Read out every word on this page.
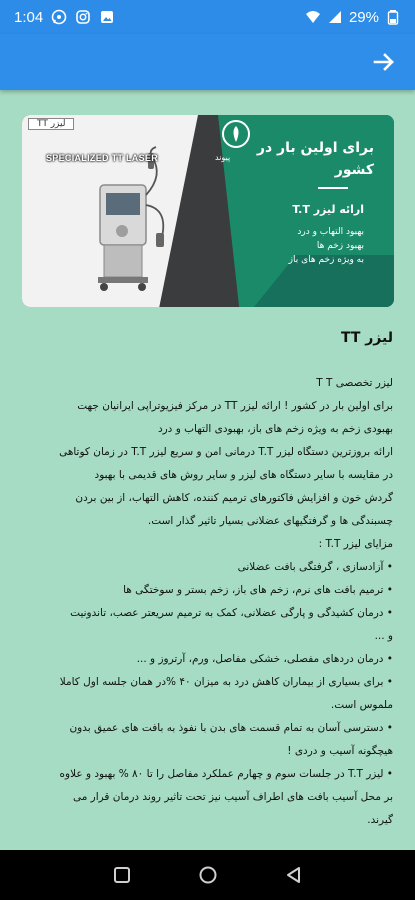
1:04	29%
لیزر TT
SPECIALIZED TT LASER	پیوند
برای اولین بار در کشور
ارائه لیزر T.T
بهبود التهاب و درد
بهبود زخم ها
به ویژه زخم های باز
لیزر TT
لیزر تخصصی T T
برای اولین بار در کشور ! ارائه لیزر TT در مرکز فیزیوتراپی ایرانیان جهت
بهبودی زخم به ویژه زخم های باز، بهبودی التهاب و درد
ارائه بروزترین دستگاه لیزر T.T درمانی امن و سریع لیزر T.T در زمان کوتاهی
در مقایسه با سایر دستگاه های لیزر و سایر روش های قدیمی با بهبود
گردش خون و افزایش فاکتورهای ترمیم کننده، کاهش التهاب، از بین بردن
چسبندگی ها و گرفتگیهای عضلانی بسیار تاثیر گذار است.
مزایای لیزر T.T :
• آزادسازی ، گرفتگی بافت عضلانی
• ترمیم بافت های نرم، زخم های باز، زخم بستر و سوختگی ها
• درمان کشیدگی و پارگی عضلانی، کمک به ترمیم سریعتر عصب، تاندونیت
و ...
• درمان دردهای مفصلی، خشکی مفاصل، ورم، آرتروز و ...
• برای بسیاری از بیماران کاهش درد به میزان ۴۰ %در همان جلسه اول کاملا
ملموس است.
• دسترسی آسان به تمام قسمت های بدن با نفوذ به بافت های عمیق بدون
هیچگونه آسیب و دردی !
• لیزر T.T در جلسات سوم و چهارم عملکرد مفاصل را تا ۸۰ % بهبود و علاوه
بر محل آسیب بافت های اطراف آسیب نیز تحت تاثیر روند درمان قرار می
گیرند.
